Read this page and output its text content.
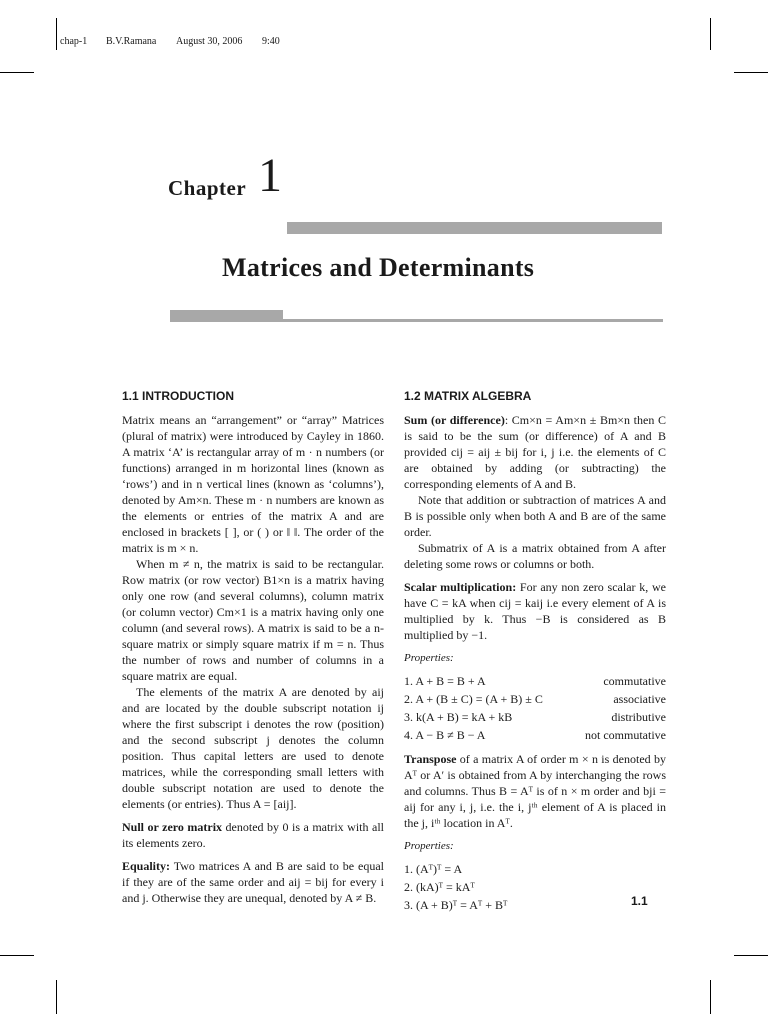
chap-1 B.V.Ramana August 30, 2006 9:40
Chapter 1
Matrices and Determinants
1.1 INTRODUCTION	1.2 MATRIX ALGEBRA

Matrix means an “arrangement” or “array” Matrices (plural of matrix) were introduced by Cayley in 1860. A matrix ‘A’ is rectangular array of m · n numbers (or functions) arranged in m horizontal lines (known as ‘rows’) and in n vertical lines (known as ‘columns’), denoted by Am×n. These m · n numbers are known as the elements or entries of the matrix A and are enclosed in brackets [ ], or ( ) or ‖ ‖. The order of the matrix is m × n.

When m ≠ n, the matrix is said to be rectangular. Row matrix (or row vector) B1×n is a matrix having only one row (and several columns), column matrix (or column vector) Cm×1 is a matrix having only one column (and several rows). A matrix is said to be a n-square matrix or simply square matrix if m = n. Thus the number of rows and number of columns in a square matrix are equal.

The elements of the matrix A are denoted by aij and are located by the double subscript notation ij where the first subscript i denotes the row (position) and the second subscript j denotes the column position. Thus capital letters are used to denote matrices, while the corresponding small letters with double subscript notation are used to denote the elements (or entries). Thus A = [aij].

Null or zero matrix denoted by 0 is a matrix with all its elements zero.

Equality: Two matrices A and B are said to be equal if they are of the same order and aij = bij for every i and j. Otherwise they are unequal, denoted by A ≠ B.

Sum (or difference): Cm×n = Am×n ± Bm×n then C is said to be the sum (or difference) of A and B provided cij = aij ± bij for i, j i.e. the elements of C are obtained by adding (or subtracting) the corresponding elements of A and B.

Note that addition or subtraction of matrices A and B is possible only when both A and B are of the same order.

Submatrix of A is a matrix obtained from A after deleting some rows or columns or both.

Scalar multiplication: For any non zero scalar k, we have C = kA when cij = kaij i.e every element of A is multiplied by k. Thus −B is considered as B multiplied by −1.

Properties:

1. A + B = B + A	commutative
2. A + (B ± C) = (A + B) ± C	associative
3. k(A + B) = kA + kB	distributive
4. A − B ≠ B − A	not commutative

Transpose of a matrix A of order m × n is denoted by Aᵀ or A′ is obtained from A by interchanging the rows and columns. Thus B = Aᵀ is of n × m order and bji = aij for any i, j, i.e. the i, jᵗʰ element of A is placed in the j, iᵗʰ location in Aᵀ.

Properties:

1. (Aᵀ)ᵀ = A
2. (kA)ᵀ = kAᵀ
3. (A + B)ᵀ = Aᵀ + Bᵀ	1.1
